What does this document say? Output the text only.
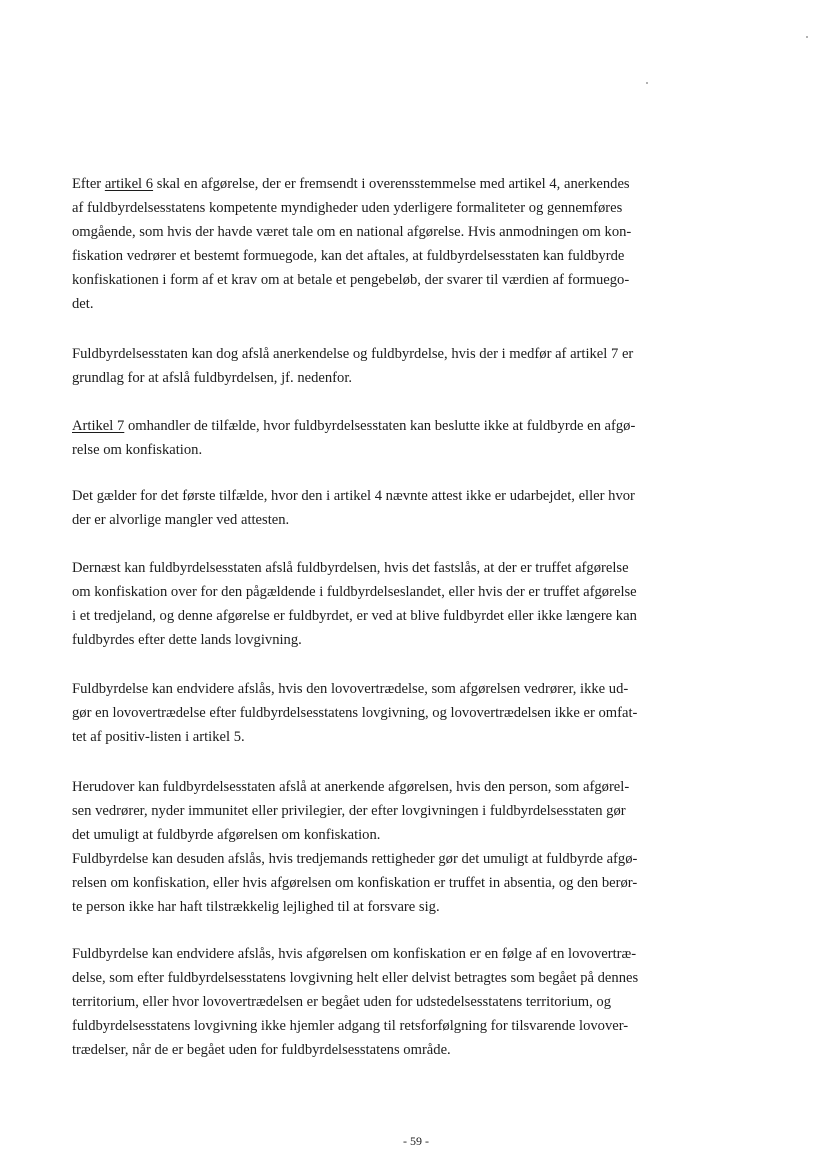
Efter artikel 6 skal en afgørelse, der er fremsendt i overensstemmelse med artikel 4, anerkendes
af fuldbyrdelsesstatens kompetente myndigheder uden yderligere formaliteter og gennemføres
omgående, som hvis der havde været tale om en national afgørelse. Hvis anmodningen om kon-
fiskation vedrører et bestemt formuegode, kan det aftales, at fuldbyrdelsesstaten kan fuldbyrde
konfiskationen i form af et krav om at betale et pengebeløb, der svarer til værdien af formuego-
det.
Fuldbyrdelsesstaten kan dog afslå anerkendelse og fuldbyrdelse, hvis der i medfør af artikel 7 er
grundlag for at afslå fuldbyrdelsen, jf. nedenfor.
Artikel 7 omhandler de tilfælde, hvor fuldbyrdelsesstaten kan beslutte ikke at fuldbyrde en afgø-
relse om konfiskation.
Det gælder for det første tilfælde, hvor den i artikel 4 nævnte attest ikke er udarbejdet, eller hvor
der er alvorlige mangler ved attesten.
Dernæst kan fuldbyrdelsesstaten afslå fuldbyrdelsen, hvis det fastslås, at der er truffet afgørelse
om konfiskation over for den pågældende i fuldbyrdelseslandet, eller hvis der er truffet afgørelse
i et tredjeland, og denne afgørelse er fuldbyrdet, er ved at blive fuldbyrdet eller ikke længere kan
fuldbyrdes efter dette lands lovgivning.
Fuldbyrdelse kan endvidere afslås, hvis den lovovertrædelse, som afgørelsen vedrører, ikke ud-
gør en lovovertrædelse efter fuldbyrdelsesstatens lovgivning, og lovovertrædelsen ikke er omfat-
tet af positiv-listen i artikel 5.
Herudover kan fuldbyrdelsesstaten afslå at anerkende afgørelsen, hvis den person, som afgørel-
sen vedrører, nyder immunitet eller privilegier, der efter lovgivningen i fuldbyrdelsesstaten gør
det umuligt at fuldbyrde afgørelsen om konfiskation.
Fuldbyrdelse kan desuden afslås, hvis tredjemands rettigheder gør det umuligt at fuldbyrde afgø-
relsen om konfiskation, eller hvis afgørelsen om konfiskation er truffet in absentia, og den berør-
te person ikke har haft tilstrækkelig lejlighed til at forsvare sig.
Fuldbyrdelse kan endvidere afslås, hvis afgørelsen om konfiskation er en følge af en lovovertræ-
delse, som efter fuldbyrdelsesstatens lovgivning helt eller delvist betragtes som begået på dennes
territorium, eller hvor lovovertrædelsen er begået uden for udstedelsesstatens territorium, og
fuldbyrdelsesstatens lovgivning ikke hjemler adgang til retsforfølgning for tilsvarende lovover-
trædelser, når de er begået uden for fuldbyrdelsesstatens område.
- 59 -
